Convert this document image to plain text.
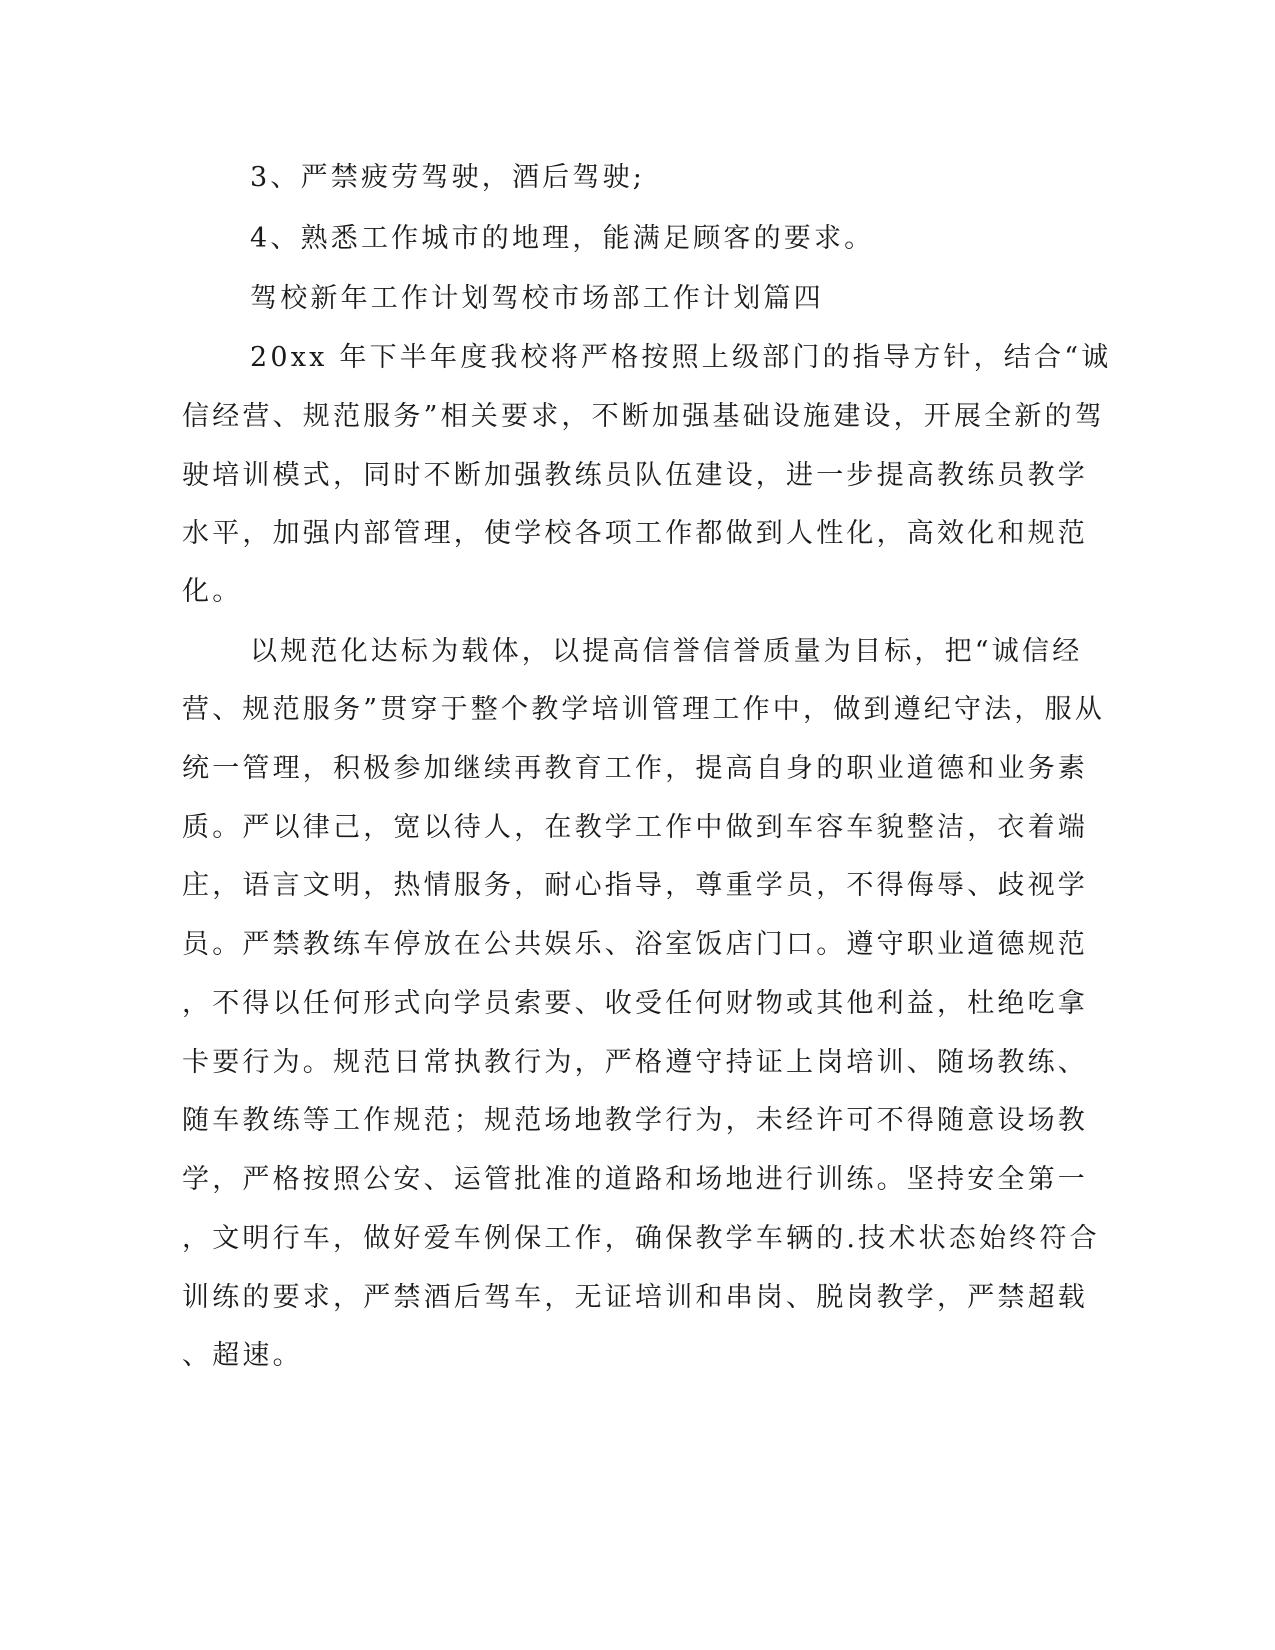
3、严禁疲劳驾驶，酒后驾驶;
4、熟悉工作城市的地理，能满足顾客的要求。
驾校新年工作计划驾校市场部工作计划篇四
20xx 年下半年度我校将严格按照上级部门的指导方针，结合“诚
信经营、规范服务”相关要求，不断加强基础设施建设，开展全新的驾
驶培训模式，同时不断加强教练员队伍建设，进一步提高教练员教学
水平，加强内部管理，使学校各项工作都做到人性化，高效化和规范
化。
以规范化达标为载体，以提高信誉信誉质量为目标，把“诚信经
营、规范服务”贯穿于整个教学培训管理工作中，做到遵纪守法，服从
统一管理，积极参加继续再教育工作，提高自身的职业道德和业务素
质。严以律己，宽以待人，在教学工作中做到车容车貌整洁，衣着端
庄，语言文明，热情服务，耐心指导，尊重学员，不得侮辱、歧视学
员。严禁教练车停放在公共娱乐、浴室饭店门口。遵守职业道德规范
，不得以任何形式向学员索要、收受任何财物或其他利益，杜绝吃拿
卡要行为。规范日常执教行为，严格遵守持证上岗培训、随场教练、
随车教练等工作规范；规范场地教学行为，未经许可不得随意设场教
学，严格按照公安、运管批准的道路和场地进行训练。坚持安全第一
，文明行车，做好爱车例保工作，确保教学车辆的.技术状态始终符合
训练的要求，严禁酒后驾车，无证培训和串岗、脱岗教学，严禁超载
、超速。
